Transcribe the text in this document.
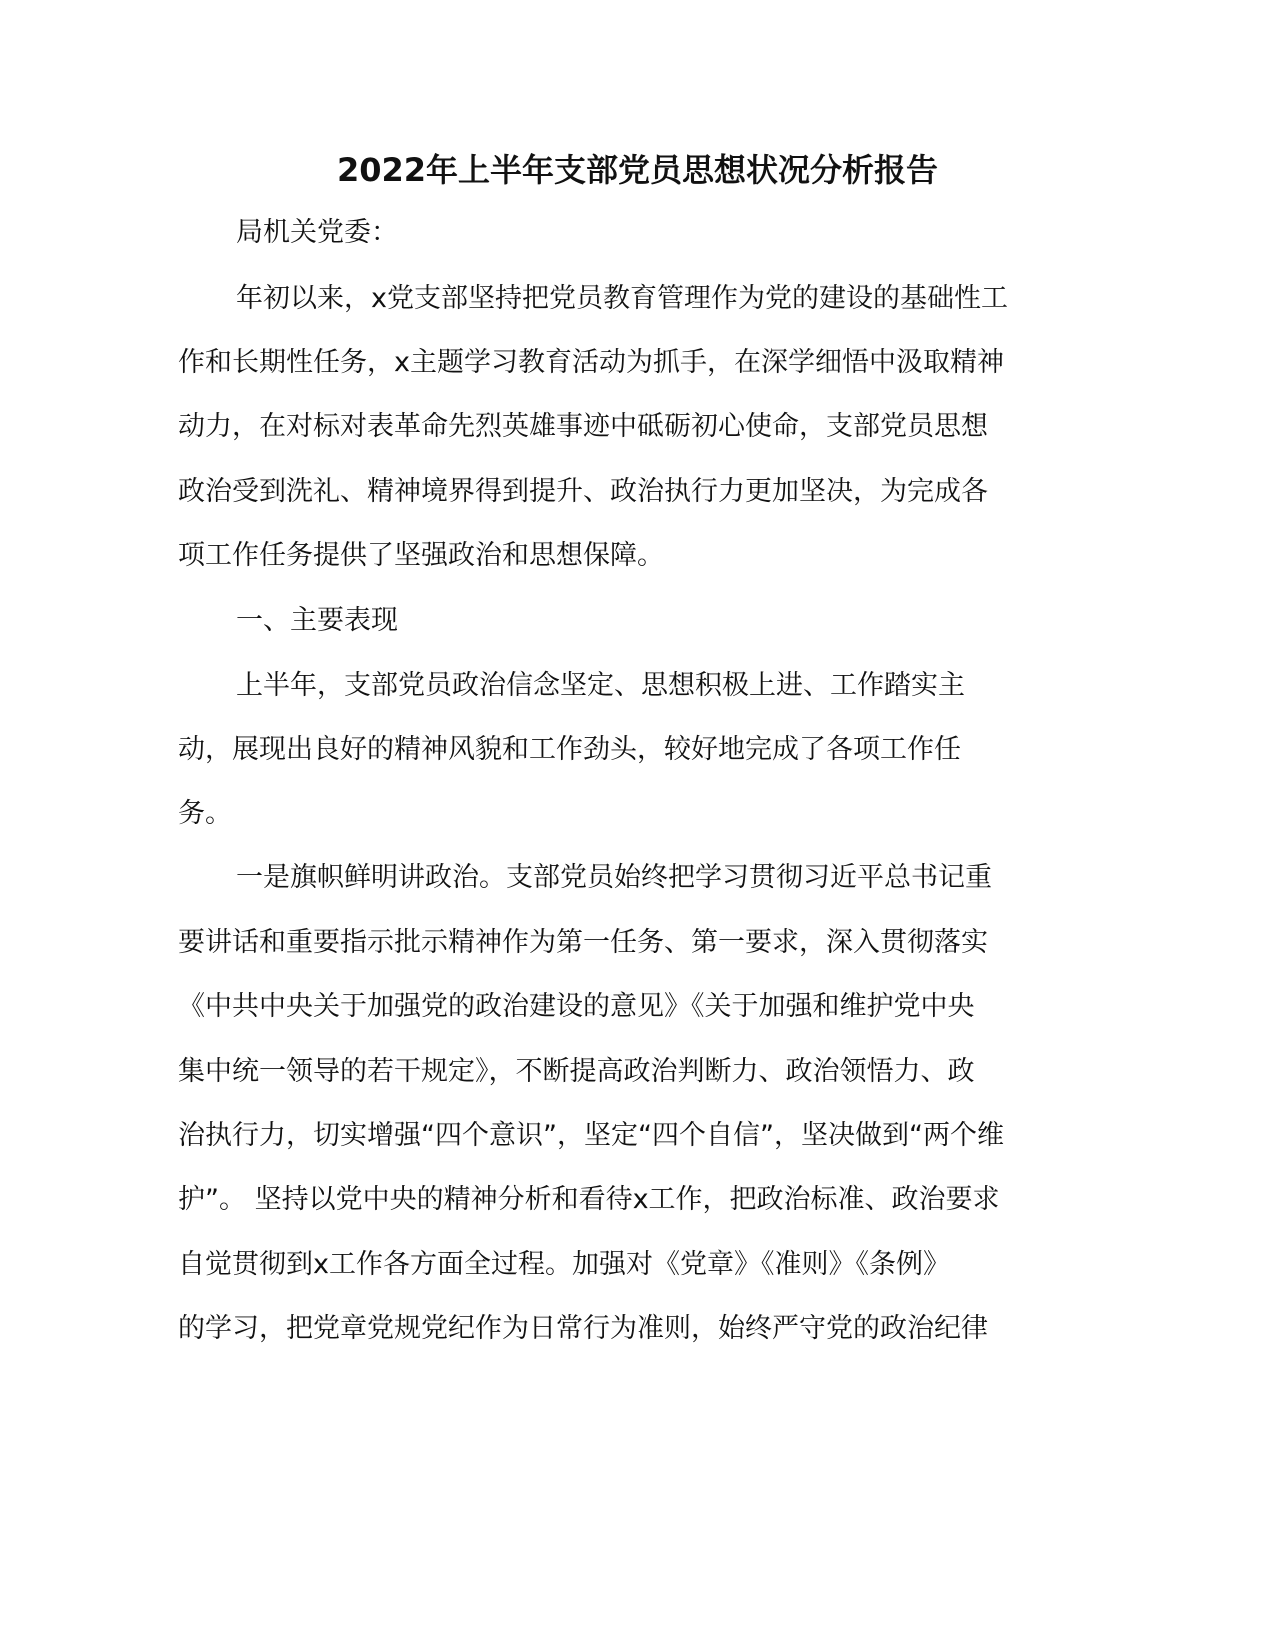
2022年上半年支部党员思想状况分析报告

局机关党委：

年初以来，x党支部坚持把党员教育管理作为党的建设的基础性工

作和长期性任务，x主题学习教育活动为抓手，在深学细悟中汲取精神

动力，在对标对表革命先烈英雄事迹中砥砺初心使命，支部党员思想

政治受到洗礼、精神境界得到提升、政治执行力更加坚决，为完成各

项工作任务提供了坚强政治和思想保障。

一、主要表现

上半年，支部党员政治信念坚定、思想积极上进、工作踏实主

动，展现出良好的精神风貌和工作劲头，较好地完成了各项工作任

务。

一是旗帜鲜明讲政治。支部党员始终把学习贯彻习近平总书记重

要讲话和重要指示批示精神作为第一任务、第一要求，深入贯彻落实

《中共中央关于加强党的政治建设的意见》《关于加强和维护党中央

集中统一领导的若干规定》，不断提高政治判断力、政治领悟力、政

治执行力，切实增强“四个意识”，坚定“四个自信”，坚决做到“两个维

护”。 坚持以党中央的精神分析和看待x工作，把政治标准、政治要求

自觉贯彻到x工作各方面全过程。加强对《党章》《准则》《条例》

的学习，把党章党规党纪作为日常行为准则，始终严守党的政治纪律
